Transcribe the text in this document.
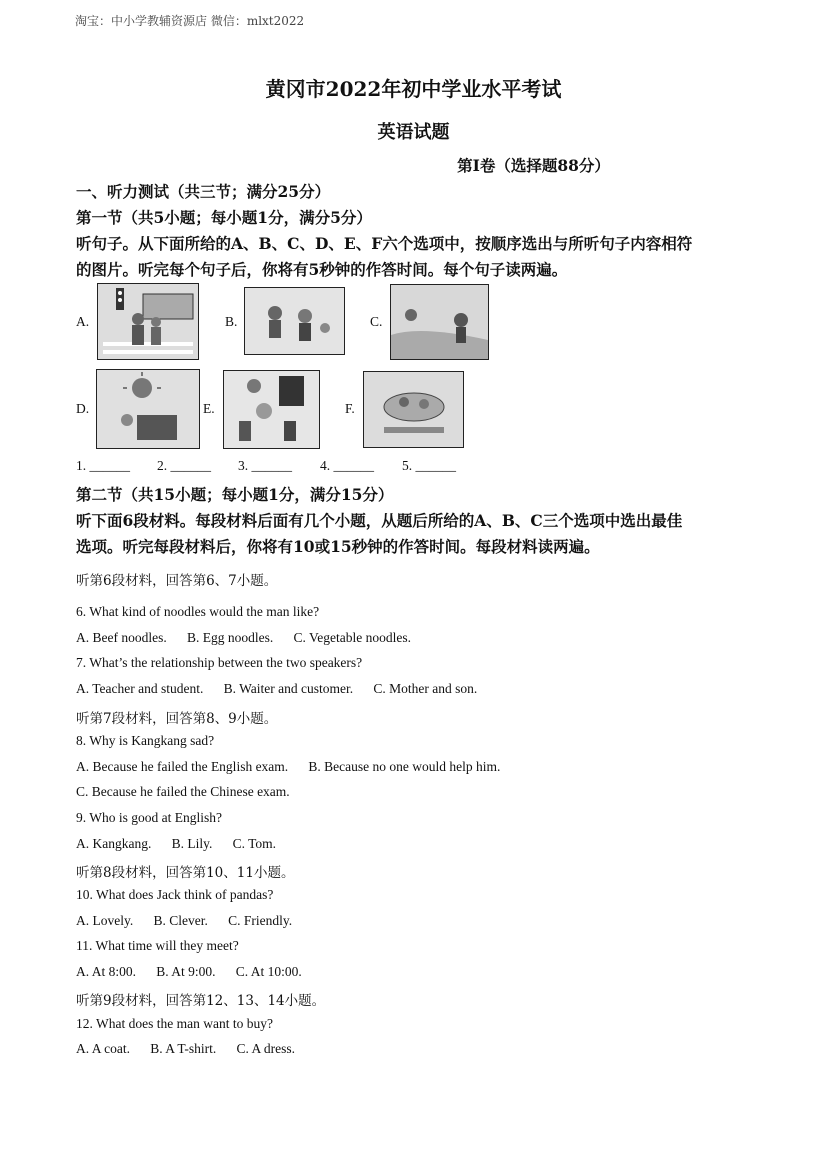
淘宝：中小学教辅资源店 微信：mlxt2022
黄冈市2022年初中学业水平考试
英语试题
第Ⅰ卷（选择题88分）
一、听力测试（共三节；满分25分）
第一节（共5小题；每小题1分，满分5分）
听句子。从下面所给的A、B、C、D、E、F六个选项中，按顺序选出与所听句子内容相符
的图片。听完每个句子后，你将有5秒钟的作答时间。每个句子读两遍。
A.	B.	C.
D.	E.	F.
1. ______ 2. ______ 3. ______ 4. ______ 5. ______
第二节（共15小题；每小题1分，满分15分）
听下面6段材料。每段材料后面有几个小题，从题后所给的A、B、C三个选项中选出最佳
选项。听完每段材料后，你将有10或15秒钟的作答时间。每段材料读两遍。
听第6段材料，回答第6、7小题。
6. What kind of noodles would the man like?
A. Beef noodles.      B. Egg noodles.      C. Vegetable noodles.
7. What’s the relationship between the two speakers?
A. Teacher and student.      B. Waiter and customer.      C. Mother and son.
听第7段材料，回答第8、9小题。
8. Why is Kangkang sad?
A. Because he failed the English exam.      B. Because no one would help him.
C. Because he failed the Chinese exam.
9. Who is good at English?
A. Kangkang.      B. Lily.      C. Tom.
听第8段材料，回答第10、11小题。
10. What does Jack think of pandas?
A. Lovely.      B. Clever.      C. Friendly.
11. What time will they meet?
A. At 8:00.      B. At 9:00.      C. At 10:00.
听第9段材料，回答第12、13、14小题。
12. What does the man want to buy?
A. A coat.      B. A T-shirt.      C. A dress.
